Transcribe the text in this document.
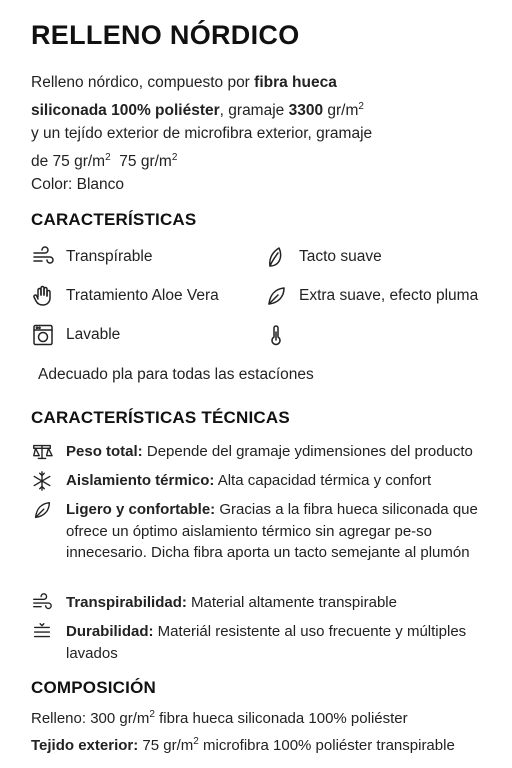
RELLENO NÓRDICO
Relleno nórdico, compuesto por fibra hueca
siliconada 100% poliéster, gramaje 3300 $gr/m^2$
y un tejído exterior de microfibra exterior, gramaje
de 75 $gr/m^2$  75 $gr/m^2$
Color: Blanco
CARACTERÍSTICAS
Transpírable	Tacto suave
Tratamiento Aloe Vera	Extra suave, efecto pluma
Lavable
Adecuado pla para todas las estacíones
CARACTERÍSTICAS TÉCNICAS
Peso total: Depende del gramaje ydimensiones del producto
Aislamiento térmico: Alta capacidad térmica y confort
Ligero y confortable: Gracias a la fibra hueca siliconada que ofrece un óptimo aislamiento térmico sin agregar pe-so innecesario. Dicha fibra aporta un tacto semejante al plumón
Transpirabilidad: Material altamente transpirable
Durabilidad: Materiál resistente al uso frecuente y múltiples lavados
COMPOSICIÓN
Relleno: 300 $gr/m^2$ fibra hueca siliconada 100% poliéster
Tejido exterior: 75 $gr/m^2$ microfibra 100% poliéster transpirable
